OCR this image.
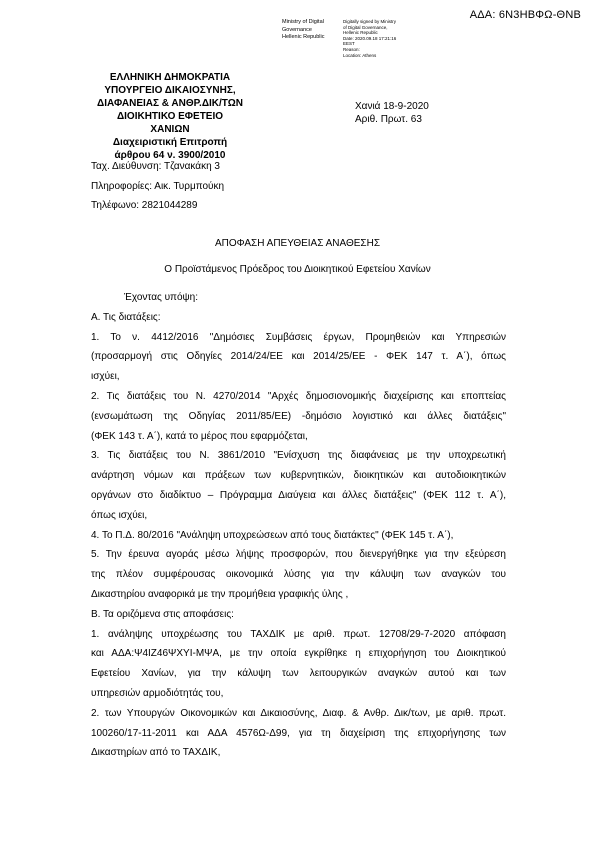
ΑΔΑ: 6Ν3ΗΒΦΩ-ΘΝΒ
Ministry of Digital
Governance
Hellenic Republic
Digitally signed by Ministry
of Digital Governance,
Hellenic Republic
Date: 2020.09.18 17:21:16
EEST
Reason:
Location: Athens
ΕΛΛΗΝΙΚΗ ΔΗΜΟΚΡΑΤΙΑ
ΥΠΟΥΡΓΕΙΟ ΔΙΚΑΙΟΣΥΝΗΣ,
ΔΙΑΦΑΝΕΙΑΣ & ΑΝΘΡ.ΔΙΚ/ΤΩΝ
ΔΙΟΙΚΗΤΙΚΟ ΕΦΕΤΕΙΟ
ΧΑΝΙΩΝ
Διαχειριστική Επιτροπή
άρθρου 64 ν. 3900/2010
Χανιά 18-9-2020
Αριθ. Πρωτ. 63
Ταχ. Διεύθυνση: Τζανακάκη 3
Πληροφορίες: Αικ. Τυρμπούκη
Τηλέφωνο: 2821044289
ΑΠΟΦΑΣΗ ΑΠΕΥΘΕΙΑΣ ΑΝΑΘΕΣΗΣ
Ο Προϊστάμενος Πρόεδρος του Διοικητικού Εφετείου Χανίων

Έχοντας υπόψη:

Α. Τις διατάξεις:

1. Το ν. 4412/2016 "Δημόσιες Συμβάσεις έργων, Προμηθειών και Υπηρεσιών

(προσαρμογή στις Οδηγίες 2014/24/ΕΕ και 2014/25/ΕΕ - ΦΕΚ 147 τ. Α΄), όπως

ισχύει,

2. Τις διατάξεις του Ν. 4270/2014 "Αρχές δημοσιονομικής διαχείρισης και εποπτείας

(ενσωμάτωση της Οδηγίας 2011/85/ΕΕ) -δημόσιο λογιστικό και άλλες διατάξεις"

(ΦΕΚ 143 τ. Α΄), κατά το μέρος που εφαρμόζεται,

3. Τις διατάξεις του Ν. 3861/2010 "Ενίσχυση της διαφάνειας με την υποχρεωτική

ανάρτηση νόμων και πράξεων των κυβερνητικών, διοικητικών και αυτοδιοικητικών

οργάνων στο διαδίκτυο – Πρόγραμμα Διαύγεια και άλλες διατάξεις" (ΦΕΚ 112 τ. Α΄),

όπως ισχύει,

4. Το Π.Δ. 80/2016 "Ανάληψη υποχρεώσεων από τους διατάκτες" (ΦΕΚ 145 τ. Α΄),

5. Την έρευνα αγοράς μέσω λήψης προσφορών, που διενεργήθηκε για την εξεύρεση

της πλέον συμφέρουσας οικονομικά λύσης για την κάλυψη των αναγκών του

Δικαστηρίου αναφορικά με την προμήθεια γραφικής ύλης ,

Β. Τα οριζόμενα στις αποφάσεις:

1. ανάληψης υποχρέωσης του ΤΑΧΔΙΚ με αριθ. πρωτ. 12708/29-7-2020 απόφαση

και ΑΔΑ:Ψ4ΙΖ46ΨΧΥΙ-ΜΨΑ, με την οποία εγκρίθηκε η επιχορήγηση του Διοικητικού

Εφετείου Χανίων, για την κάλυψη των λειτουργικών αναγκών αυτού και των

υπηρεσιών αρμοδιότητάς του,

2. των Υπουργών Οικονομικών και Δικαιοσύνης, Διαφ. & Ανθρ. Δικ/των, με αριθ. πρωτ.

100260/17-11-2011 και ΑΔΑ 4576Ω-Δ99, για τη διαχείριση της επιχορήγησης των

Δικαστηρίων από το ΤΑΧΔΙΚ,
